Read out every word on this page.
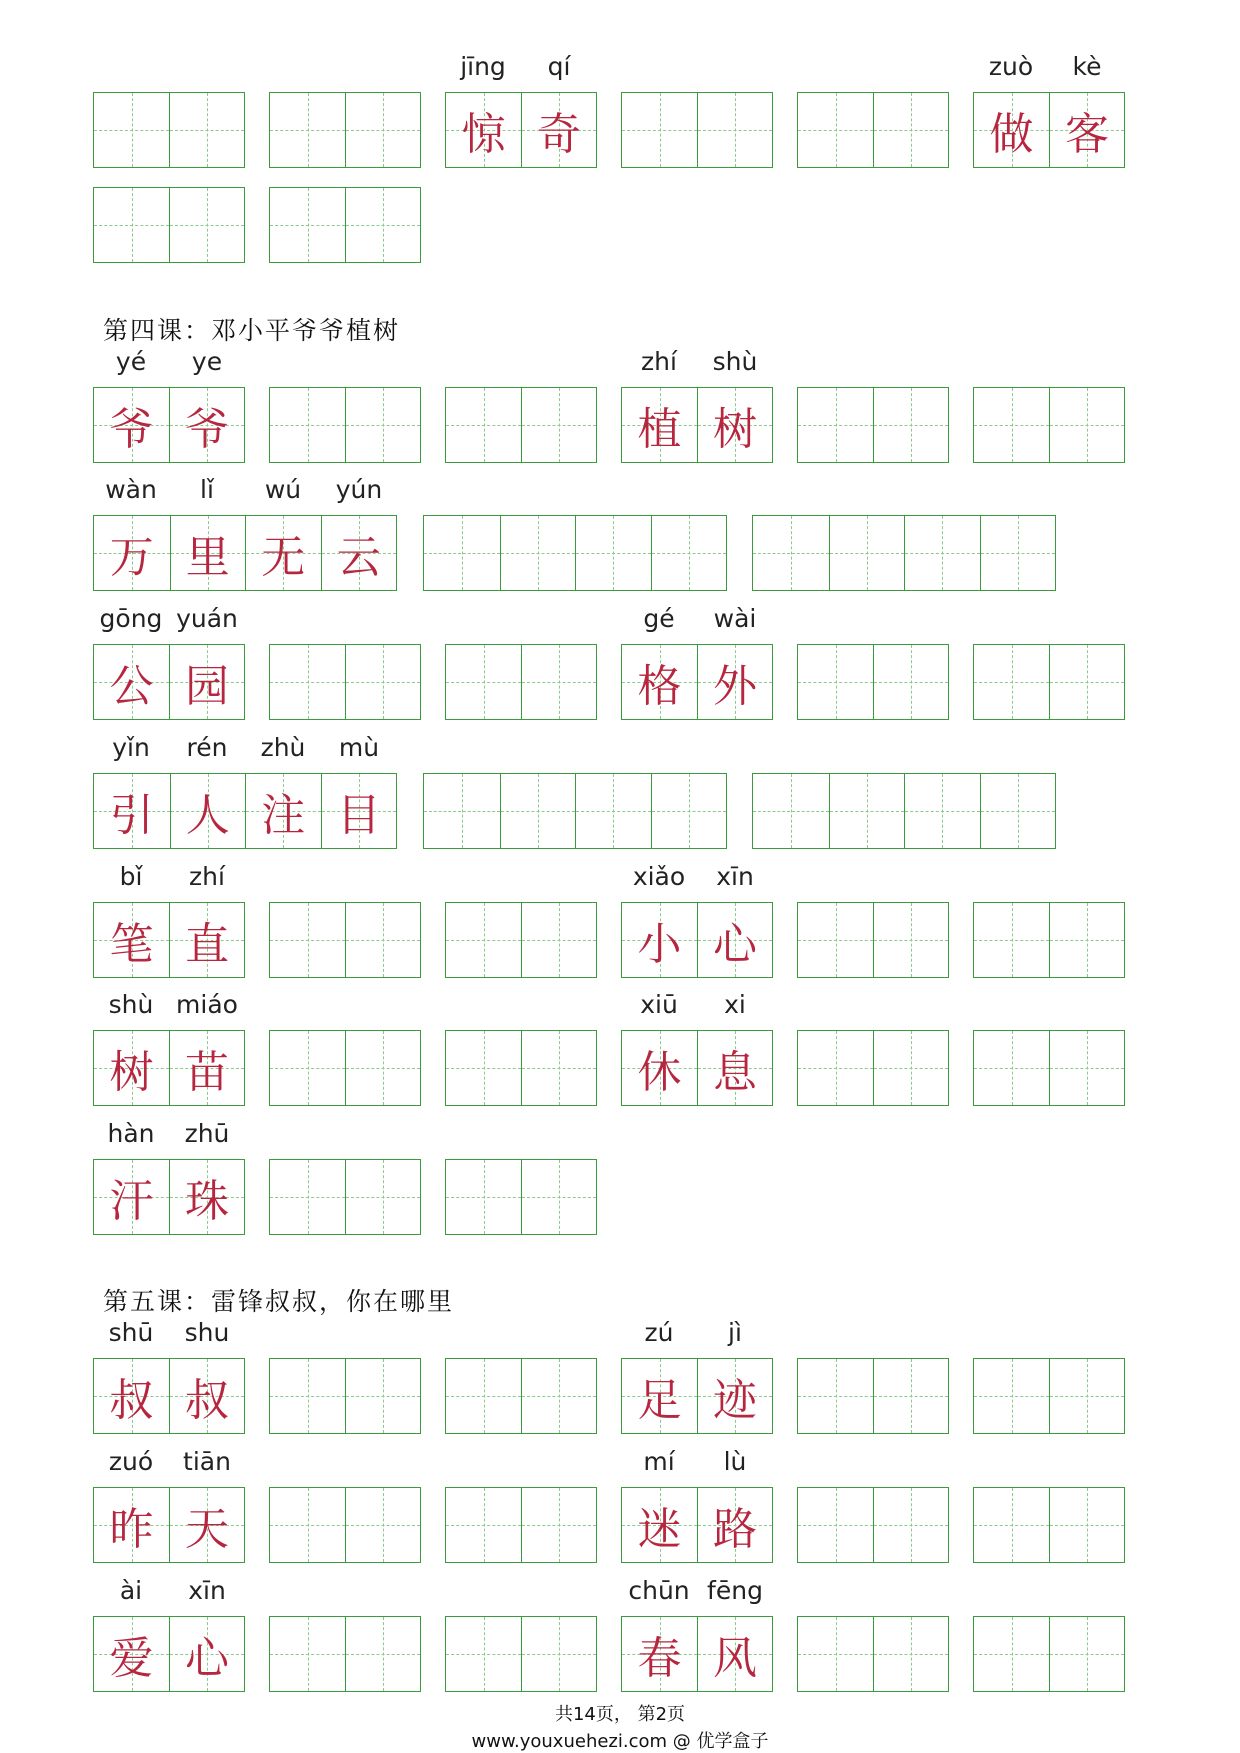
jīng	qí
惊 奇
zuò	kè
做 客
第四课：邓小平爷爷植树
yé	ye
爷 爷
zhí	shù
植 树
wàn	lǐ	wú	yún
万 里 无 云
gōng yuán
公 园
gé	wài
格 外
yǐn	rén	zhù	mù
引 人 注 目
bǐ	zhí
笔 直
xiǎo	xīn
小 心
shù miáo
树 苗
xiū	xi
休 息
hàn	zhū
汗 珠
第五课：雷锋叔叔，你在哪里
shū	shu
叔 叔
zú	jì
足 迹
zuó	tiān
昨 天
mí	lù
迷 路
ài	xīn
爱 心
chūn fēng
春 风
共14页， 第2页
www.youxuehezi.com @ 优学盒子
